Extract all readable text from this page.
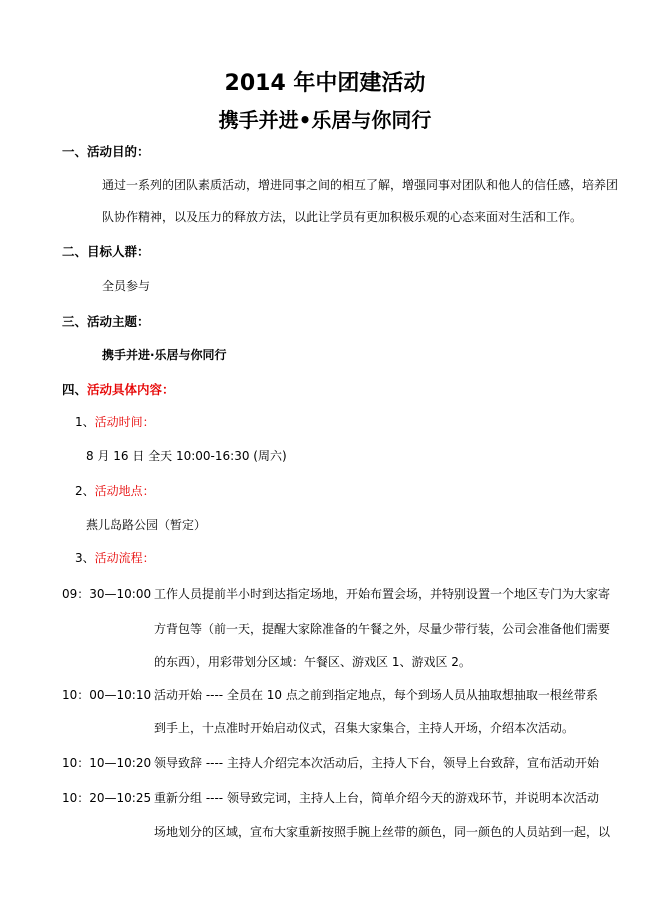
2014 年中团建活动
携手并进•乐居与你同行
一、活动目的：
通过一系列的团队素质活动，增进同事之间的相互了解，增强同事对团队和他人的信任感，培养团
队协作精神，以及压力的释放方法，以此让学员有更加积极乐观的心态来面对生活和工作。
二、目标人群：
全员参与
三、活动主题：
携手并进·乐居与你同行
四、活动具体内容：
1、活动时间：
8 月 16 日 全天 10:00-16:30 (周六)
2、活动地点：
燕儿岛路公园（暂定）
3、活动流程：
09：30—10:00 工作人员提前半小时到达指定场地，开始布置会场，并特别设置一个地区专门为大家寄
方背包等（前一天，提醒大家除准备的午餐之外，尽量少带行装，公司会准备他们需要
的东西），用彩带划分区域：午餐区、游戏区 1、游戏区 2。
10：00—10:10 活动开始 ---- 全员在 10 点之前到指定地点，每个到场人员从抽取想抽取一根丝带系
到手上，十点准时开始启动仪式，召集大家集合，主持人开场，介绍本次活动。
10：10—10:20 领导致辞 ---- 主持人介绍完本次活动后，主持人下台，领导上台致辞，宣布活动开始
10：20—10:25 重新分组 ---- 领导致完词，主持人上台，简单介绍今天的游戏环节，并说明本次活动
场地划分的区域，宣布大家重新按照手腕上丝带的颜色，同一颜色的人员站到一起，以
